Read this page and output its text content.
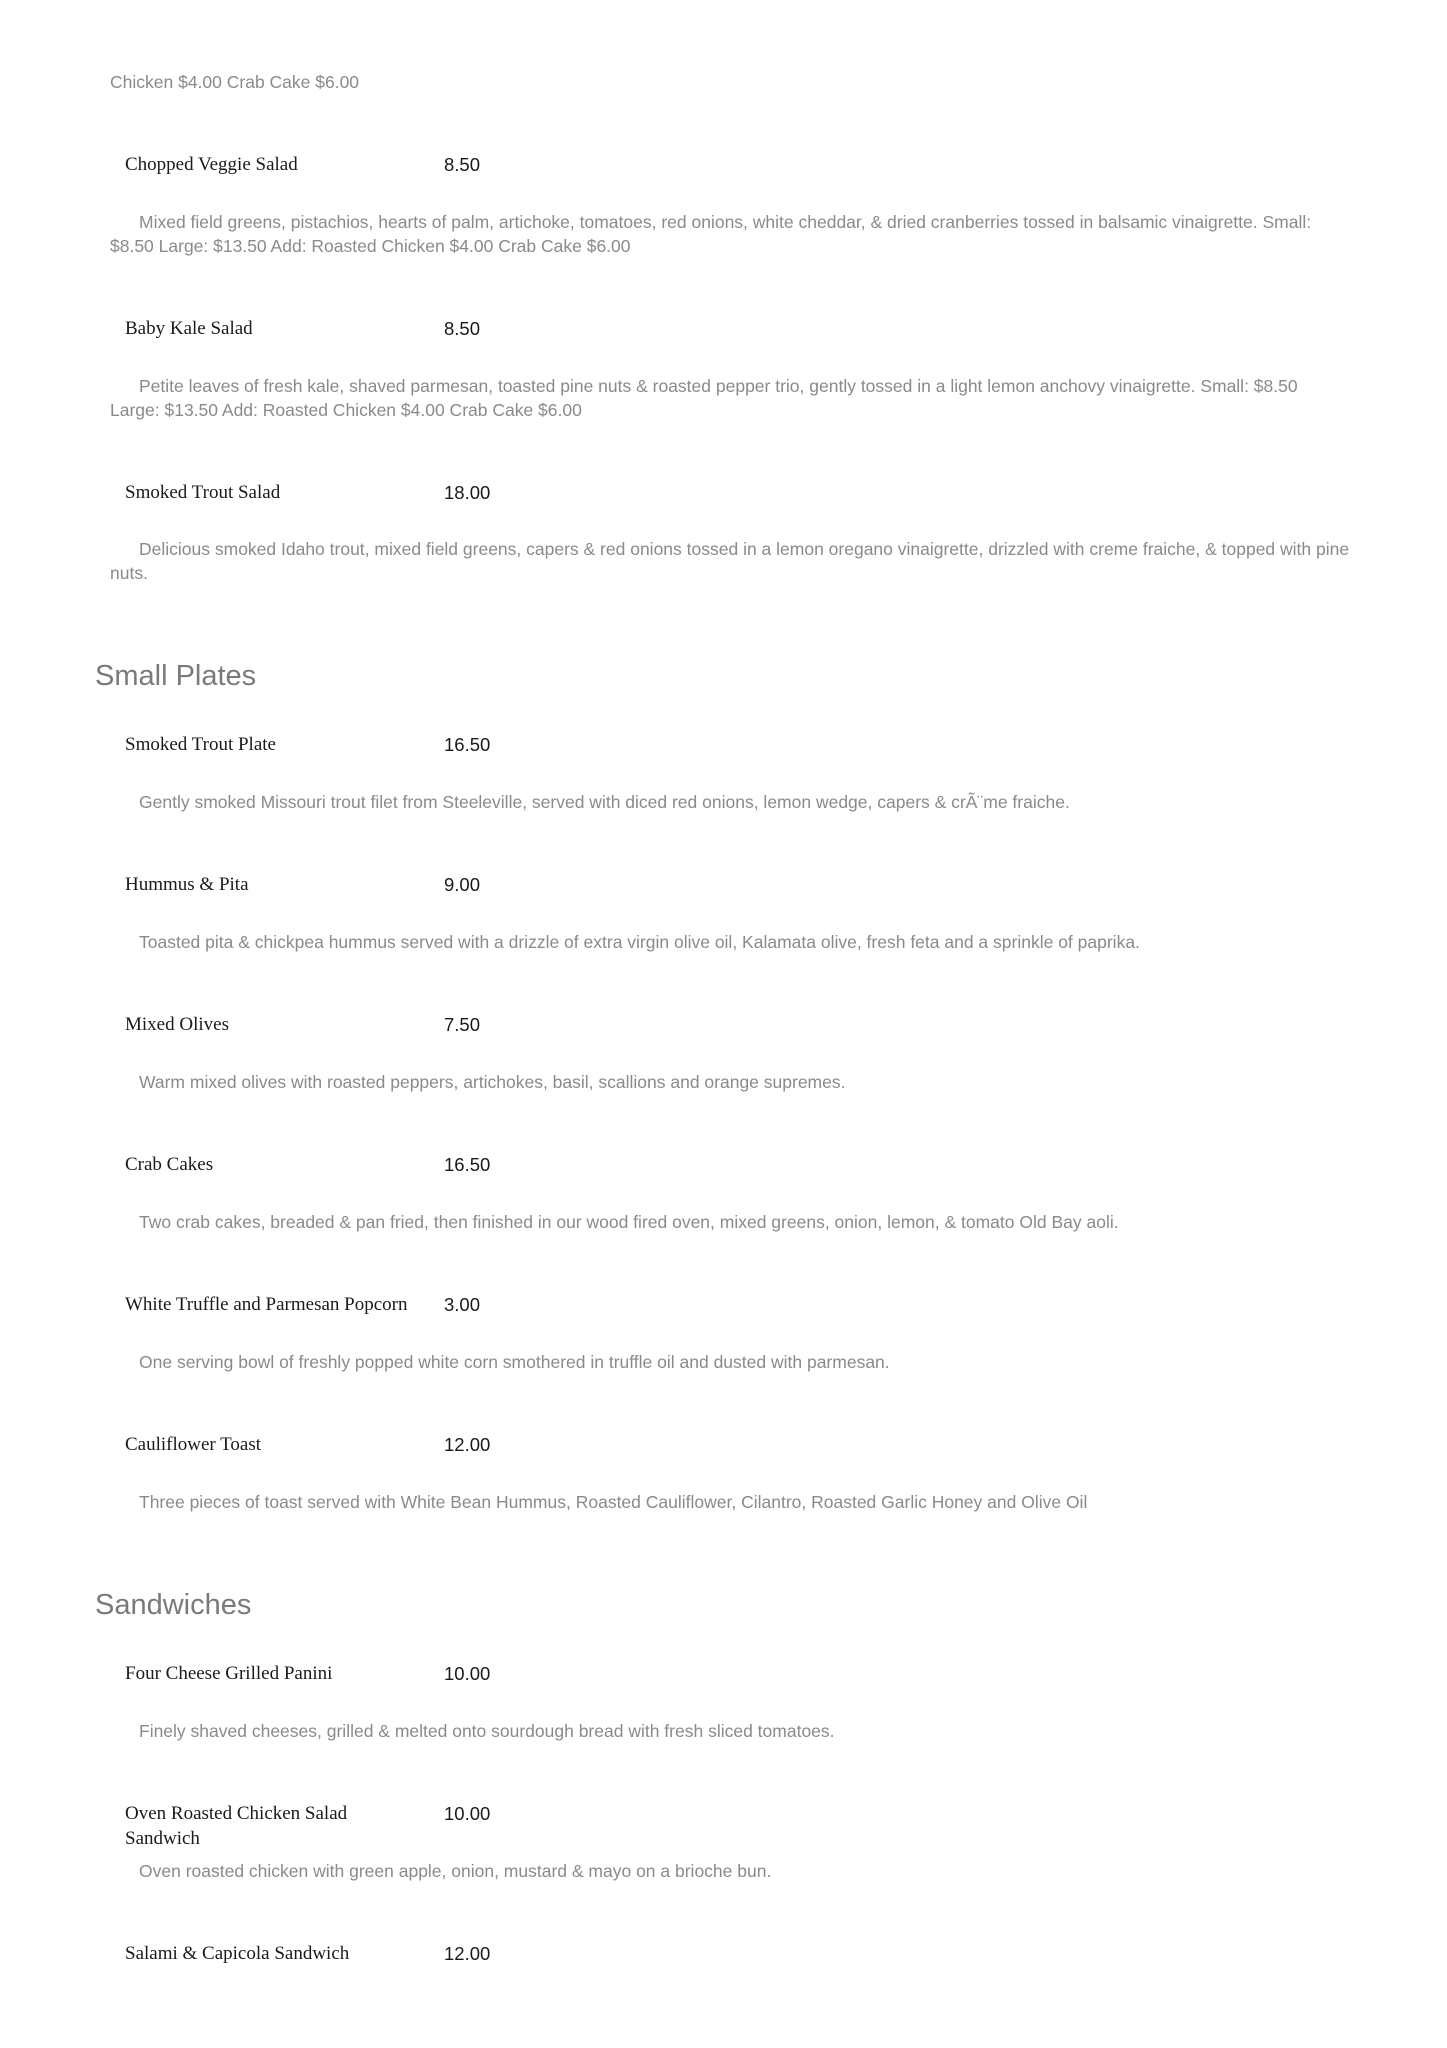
Chicken $4.00 Crab Cake $6.00

Chopped Veggie Salad	8.50

Mixed field greens, pistachios, hearts of palm, artichoke, tomatoes, red onions, white cheddar, & dried cranberries tossed in balsamic vinaigrette. Small: $8.50 Large: $13.50 Add: Roasted Chicken $4.00 Crab Cake $6.00

Baby Kale Salad	8.50

Petite leaves of fresh kale, shaved parmesan, toasted pine nuts & roasted pepper trio, gently tossed in a light lemon anchovy vinaigrette. Small: $8.50 Large: $13.50 Add: Roasted Chicken $4.00 Crab Cake $6.00

Smoked Trout Salad	18.00

Delicious smoked Idaho trout, mixed field greens, capers & red onions tossed in a lemon oregano vinaigrette, drizzled with creme fraiche, & topped with pine nuts.

Small Plates
Smoked Trout Plate	16.50

Gently smoked Missouri trout filet from Steeleville, served with diced red onions, lemon wedge, capers & crÃ¨me fraiche.

Hummus & Pita	9.00

Toasted pita & chickpea hummus served with a drizzle of extra virgin olive oil, Kalamata olive, fresh feta and a sprinkle of paprika.

Mixed Olives	7.50

Warm mixed olives with roasted peppers, artichokes, basil, scallions and orange supremes.

Crab Cakes	16.50

Two crab cakes, breaded & pan fried, then finished in our wood fired oven, mixed greens, onion, lemon, & tomato Old Bay aoli.

White Truffle and Parmesan Popcorn	3.00

One serving bowl of freshly popped white corn smothered in truffle oil and dusted with parmesan.

Cauliflower Toast	12.00

Three pieces of toast served with White Bean Hummus, Roasted Cauliflower, Cilantro, Roasted Garlic Honey and Olive Oil

Sandwiches
Four Cheese Grilled Panini	10.00

Finely shaved cheeses, grilled & melted onto sourdough bread with fresh sliced tomatoes.

Oven Roasted Chicken Salad Sandwich
10.00

Oven roasted chicken with green apple, onion, mustard & mayo on a brioche bun.

Salami & Capicola Sandwich	12.00
